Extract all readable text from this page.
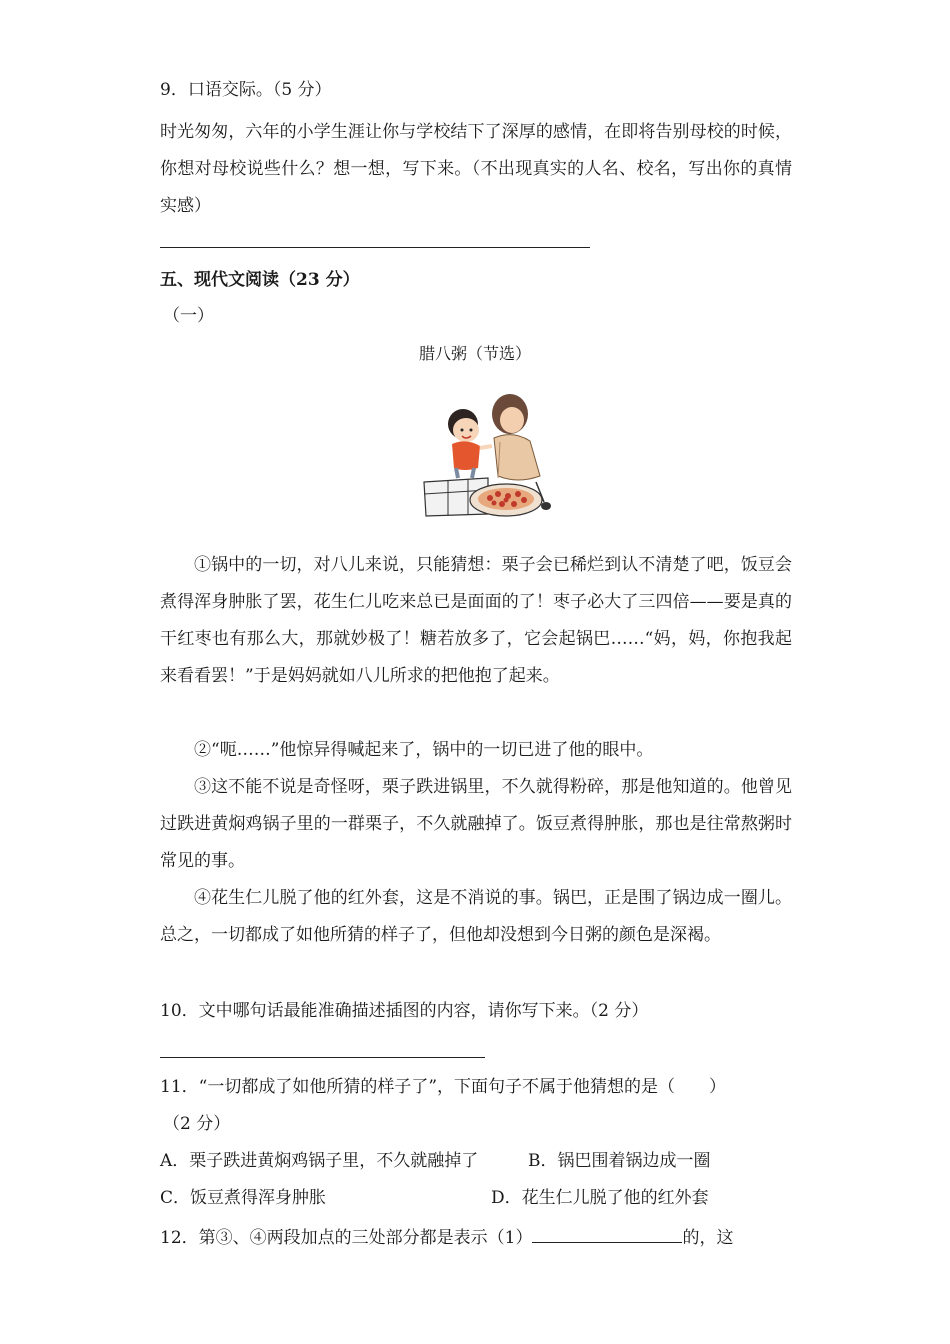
9．口语交际。（5 分）
时光匆匆，六年的小学生涯让你与学校结下了深厚的感情，在即将告别母校的时候，你想对母校说些什么？想一想，写下来。（不出现真实的人名、校名，写出你的真情实感）
五、现代文阅读（23 分）
（一）
腊八粥（节选）
①锅中的一切，对八儿来说，只能猜想：栗子会已稀烂到认不清楚了吧，饭豆会煮得浑身肿胀了罢，花生仁儿吃来总已是面面的了！枣子必大了三四倍——要是真的干红枣也有那么大，那就妙极了！糖若放多了，它会起锅巴……“妈，妈，你抱我起来看看罢！”于是妈妈就如八儿所求的把他抱了起来。
②“呃……”他惊异得喊起来了，锅中的一切已进了他的眼中。
③这不能不说是奇怪呀，栗子跌进锅里，不久就得粉碎，那是他知道的。他曾见过跌进黄焖鸡锅子里的一群栗子，不久就融掉了。饭豆煮得肿胀，那也是往常熬粥时常见的事。
④花生仁儿脱了他的红外套，这是不消说的事。锅巴，正是围了锅边成一圈儿。总之，一切都成了如他所猜的样子了，但他却没想到今日粥的颜色是深褐。
10．文中哪句话最能准确描述插图的内容，请你写下来。（2 分）
11．“一切都成了如他所猜的样子了”，下面句子不属于他猜想的是（　　）
（2 分）
A．栗子跌进黄焖鸡锅子里，不久就融掉了	B．锅巴围着锅边成一圈
C．饭豆煮得浑身肿胀	D．花生仁儿脱了他的红外套
12．第③、④两段加点的三处部分都是表示（1）	的，这
